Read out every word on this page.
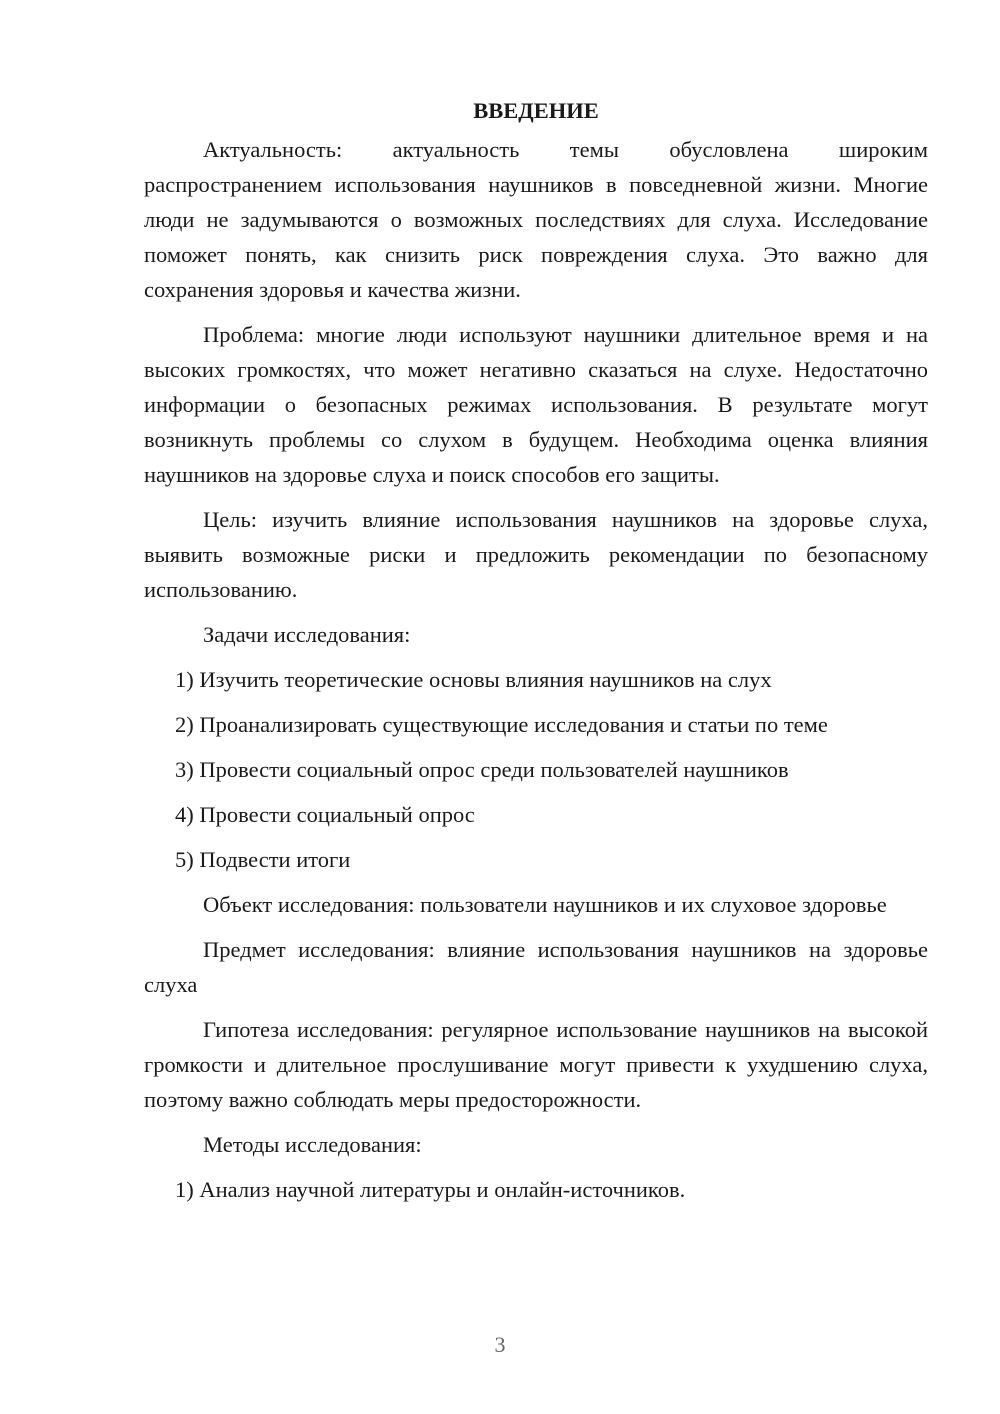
ВВЕДЕНИЕ
Актуальность: актуальность темы обусловлена широким распространением использования наушников в повседневной жизни. Многие люди не задумываются о возможных последствиях для слуха. Исследование поможет понять, как снизить риск повреждения слуха. Это важно для сохранения здоровья и качества жизни.
Проблема: многие люди используют наушники длительное время и на высоких громкостях, что может негативно сказаться на слухе. Недостаточно информации о безопасных режимах использования. В результате могут возникнуть проблемы со слухом в будущем. Необходима оценка влияния наушников на здоровье слуха и поиск способов его защиты.
Цель: изучить влияние использования наушников на здоровье слуха, выявить возможные риски и предложить рекомендации по безопасному использованию.
Задачи исследования:
1) Изучить теоретические основы влияния наушников на слух
2) Проанализировать существующие исследования и статьи по теме
3) Провести социальный опрос среди пользователей наушников
4) Провести социальный опрос
5) Подвести итоги
Объект исследования: пользователи наушников и их слуховое здоровье
Предмет исследования: влияние использования наушников на здоровье слуха
Гипотеза исследования: регулярное использование наушников на высокой громкости и длительное прослушивание могут привести к ухудшению слуха, поэтому важно соблюдать меры предосторожности.
Методы исследования:
1) Анализ научной литературы и онлайн-источников.
3
